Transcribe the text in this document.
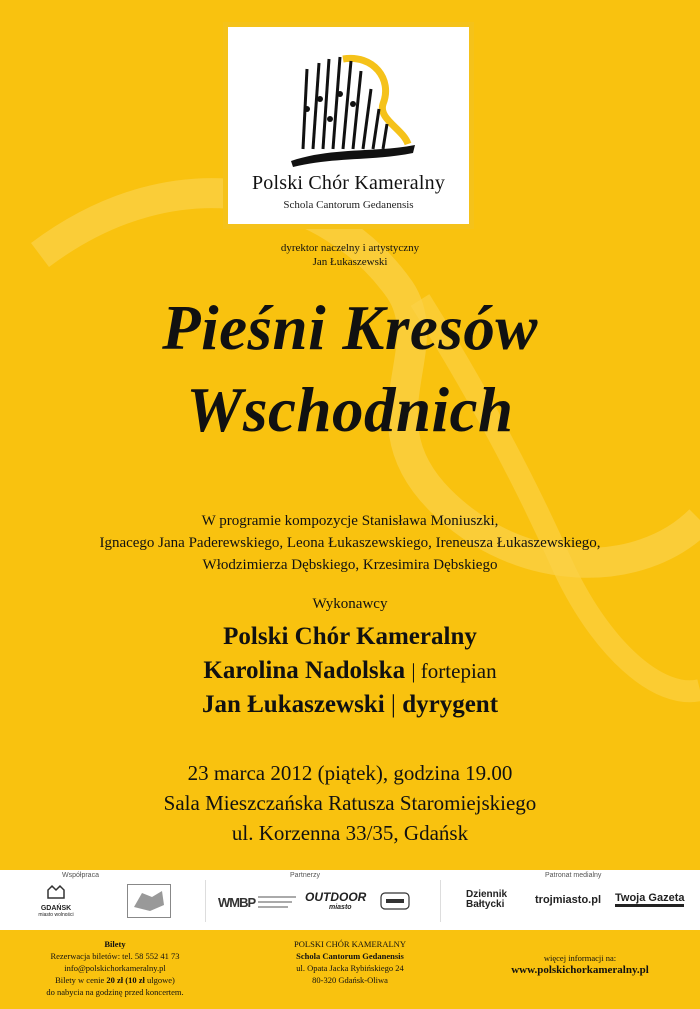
Polski Chór Kameralny
Schola Cantorum Gedanensis
dyrektor naczelny i artystyczny
Jan Łukaszewski
Pieśni Kresów
Wschodnich
W programie kompozycje Stanisława Moniuszki,
Ignacego Jana Paderewskiego, Leona Łukaszewskiego, Ireneusza Łukaszewskiego,
Włodzimierza Dębskiego, Krzesimira Dębskiego
Wykonawcy
Polski Chór Kameralny
Karolina Nadolska | fortepian
Jan Łukaszewski | dyrygent
23 marca 2012 (piątek), godzina 19.00
Sala Mieszczańska Ratusza Staromiejskiego
ul. Korzenna 33/35, Gdańsk
Współpraca	Partnerzy	Patronat medialny
GDAŃSK
miasto wolności
WMBP	OUTDOOR
miasto
Dziennik Bałtycki	trojmiasto.pl Twoja Gazeta
Bilety
Rezerwacja biletów: tel. 58 552 41 73
info@polskichorkameralny.pl
Bilety w cenie 20 zł (10 zł ulgowe)
do nabycia na godzinę przed koncertem.
POLSKI CHÓR KAMERALNY
Schola Cantorum Gedanensis
ul. Opata Jacka Rybińskiego 24
80-320 Gdańsk-Oliwa
więcej informacji na:
www.polskichorkameralny.pl
